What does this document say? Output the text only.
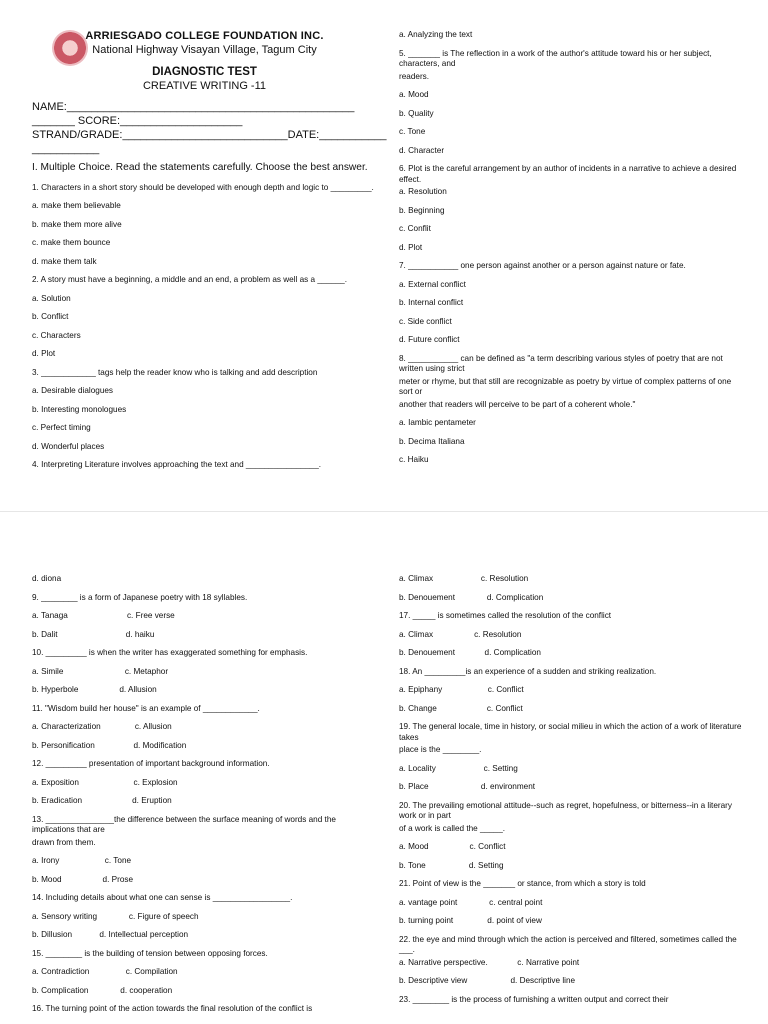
ARRIESGADO COLLEGE FOUNDATION INC.
National Highway Visayan Village, Tagum City
DIAGNOSTIC TEST
CREATIVE WRITING -11
NAME:_______________________________________________
_______ SCORE:____________________
STRAND/GRADE:___________________________DATE:___________
___________
I. Multiple Choice. Read the statements carefully. Choose the best answer.
1. Characters in a short story should be developed with enough depth and logic to _________.
a. make them believable
b. make them more alive
c. make them bounce
d. make them talk
2. A story must have a beginning, a middle and an end, a problem as well as a ______.
a. Solution
b. Conflict
c. Characters
d. Plot
3. ____________ tags help the reader know who is talking and add description
a. Desirable dialogues
b. Interesting monologues
c. Perfect timing
d. Wonderful places
4. Interpreting Literature involves approaching the text and ________________.
a. Analyzing the text
5. _______ is The reflection in a work of the author's attitude toward his or her subject, characters, and
readers.
a. Mood
b. Quality
c. Tone
d. Character
6. Plot is the careful arrangement by an author of incidents in a narrative to achieve a desired effect.
a. Resolution
b. Beginning
c. Conflit
d. Plot
7. ___________ one person against another or a person against nature or fate.
a. External conflict
b. Internal conflict
c. Side conflict
d. Future conflict
8. ___________ can be defined as "a term describing various styles of poetry that are not written using strict
meter or rhyme, but that still are recognizable as poetry by virtue of complex patterns of one sort or
another that readers will perceive to be part of a coherent whole."
a. Iambic pentameter
b. Decima Italiana
c. Haiku
d. diona
9. ________ is a form of Japanese poetry with 18 syllables.
a. Tanaga                          c. Free verse
b. Dalit                              d. haiku
10. _________ is when the writer has exaggerated something for emphasis.
a. Simile                           c. Metaphor
b. Hyperbole                  d. Allusion
11. "Wisdom build her house" is an example of ____________.
a. Characterization               c. Allusion
b. Personification                 d. Modification
12. _________ presentation of important background information.
a. Exposition                        c. Explosion
b. Eradication                      d. Eruption
13. _______________the difference between the surface meaning of words and the implications that are
drawn from them.
a. Irony                    c. Tone
b. Mood                  d. Prose
14. Including details about what one can sense is _________________.
a. Sensory writing              c. Figure of speech
b. Dillusion            d. Intellectual perception
15. ________ is the building of tension between opposing forces.
a. Contradiction                c. Compilation
b. Complication              d. cooperation
16. The turning point of the action towards the final resolution of the conflict is
a. Climax                     c. Resolution
b. Denouement              d. Complication
17. _____ is sometimes called the resolution of the conflict
a. Climax                  c. Resolution
b. Denouement             d. Complication
18. An _________is an experience of a sudden and striking realization.
a. Epiphany                    c. Conflict
b. Change                      c. Conflict
19. The general locale, time in history, or social milieu in which the action of a work of literature takes
place is the ________.
a. Locality                     c. Setting
b. Place                       d. environment
20. The prevailing emotional attitude--such as regret, hopefulness, or bitterness--in a literary work or in part
of a work is called the _____.
a. Mood                  c. Conflict
b. Tone                   d. Setting
21. Point of view is the _______ or stance, from which a story is told
a. vantage point              c. central point
b. turning point               d. point of view
22. the eye and mind through which the action is perceived and filtered, sometimes called the ___.
a. Narrative perspective.             c. Narrative point
b. Descriptive view                   d. Descriptive line
23. ________ is the process of furnishing a written output and correct their
